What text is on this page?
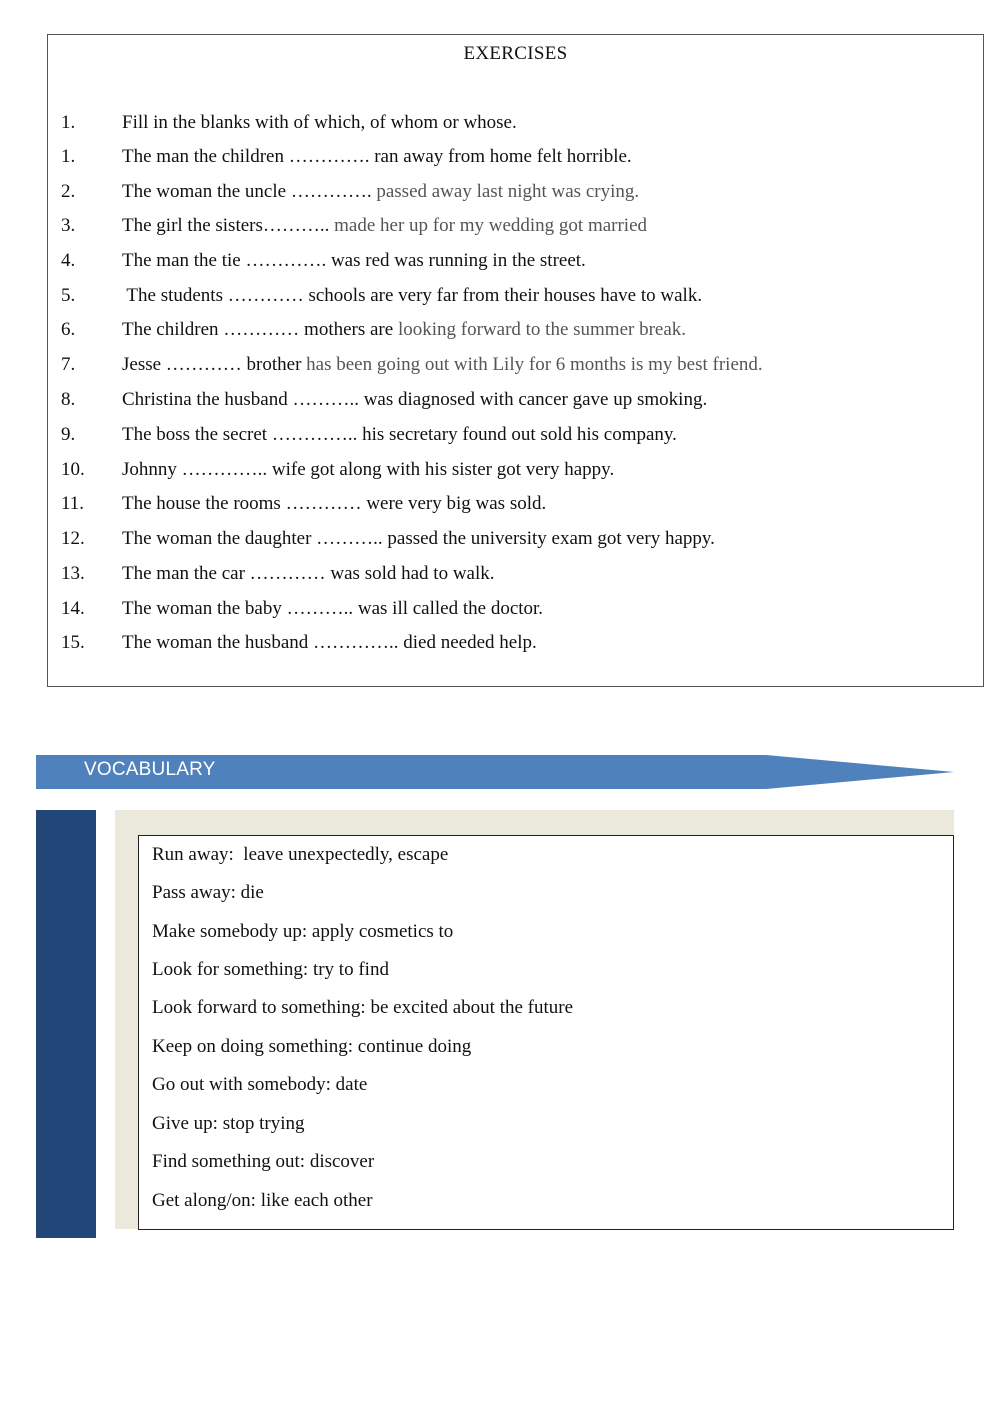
EXERCISES
1. Fill in the blanks with of which, of whom or whose.
1. The man the children …………. ran away from home felt horrible.
2. The woman the uncle …………. passed away last night was crying.
3. The girl the sisters……….. made her up for my wedding got married
4. The man the tie …………. was red was running in the street.
5. The students ………… schools are very far from their houses have to walk.
6. The children ………… mothers are looking forward to the summer break.
7. Jesse ………… brother has been going out with Lily for 6 months is my best friend.
8. Christina the husband ……….. was diagnosed with cancer gave up smoking.
9. The boss the secret ………….. his secretary found out sold his company.
10. Johnny ………….. wife got along with his sister got very happy.
11. The house the rooms ………… were very big was sold.
12. The woman the daughter ……….. passed the university exam got very happy.
13. The man the car ………… was sold had to walk.
14. The woman the baby ……….. was ill called the doctor.
15. The woman the husband ………….. died needed help.
VOCABULARY
Run away:  leave unexpectedly, escape
Pass away: die
Make somebody up: apply cosmetics to
Look for something: try to find
Look forward to something: be excited about the future
Keep on doing something: continue doing
Go out with somebody: date
Give up: stop trying
Find something out: discover
Get along/on: like each other
